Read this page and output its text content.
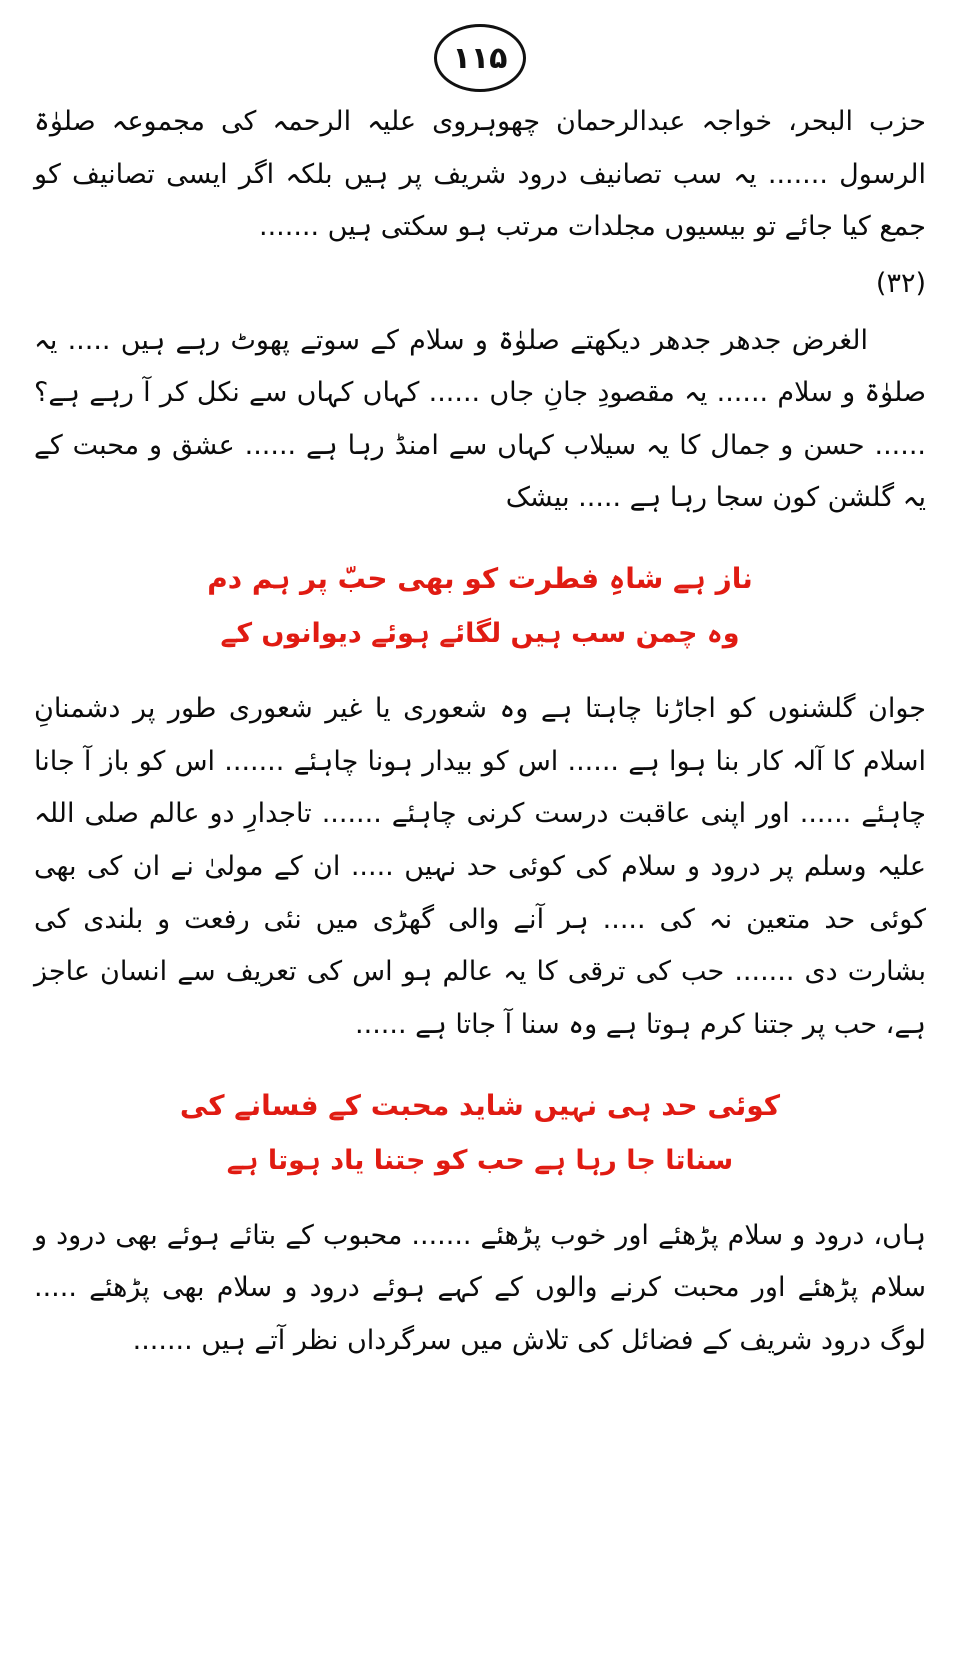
۱۱۵

حزب البحر، خواجہ عبدالرحمان چھوہروی علیہ الرحمہ کی مجموعہ صلوٰۃ الرسول ....... یہ سب تصانیف درود شریف پر ہیں بلکہ اگر ایسی تصانیف کو جمع کیا جائے تو بیسیوں مجلدات مرتب ہو سکتی ہیں .......

(۳۲)

الغرض جدھر جدھر دیکھتے صلوٰۃ و سلام کے سوتے پھوٹ رہے ہیں ..... یہ صلوٰۃ و سلام ...... یہ مقصودِ جانِ جاں ...... کہاں کہاں سے نکل کر آ رہے ہے؟ ...... حسن و جمال کا یہ سیلاب کہاں سے امنڈ رہا ہے ...... عشق و محبت کے یہ گلشن کون سجا رہا ہے ..... بیشک

ناز ہے شاہِ فطرت کو بھی حبّ پر ہم دم
وہ چمن سب ہیں لگائے ہوئے دیوانوں کے

جوان گلشنوں کو اجاڑنا چاہتا ہے وہ شعوری یا غیر شعوری طور پر دشمنانِ اسلام کا آلہ کار بنا ہوا ہے ...... اس کو بیدار ہونا چاہئے ....... اس کو باز آ جانا چاہئے ...... اور اپنی عاقبت درست کرنی چاہئے ....... تاجدارِ دو عالم صلی اللہ علیہ وسلم پر درود و سلام کی کوئی حد نہیں ..... ان کے مولیٰ نے ان کی بھی کوئی حد متعین نہ کی ..... ہر آنے والی گھڑی میں نئی رفعت و بلندی کی بشارت دی ....... حب کی ترقی کا یہ عالم ہو اس کی تعریف سے انسان عاجز ہے، حب پر جتنا کرم ہوتا ہے وہ سنا آ جاتا ہے ......

کوئی حد ہی نہیں شاید محبت کے فسانے کی
سناتا جا رہا ہے حب کو جتنا یاد ہوتا ہے

ہاں، درود و سلام پڑھئے اور خوب پڑھئے ....... محبوب کے بتائے ہوئے بھی درود و سلام پڑھئے اور محبت کرنے والوں کے کہے ہوئے درود و سلام بھی پڑھئے ..... لوگ درود شریف کے فضائل کی تلاش میں سرگرداں نظر آتے ہیں .......
